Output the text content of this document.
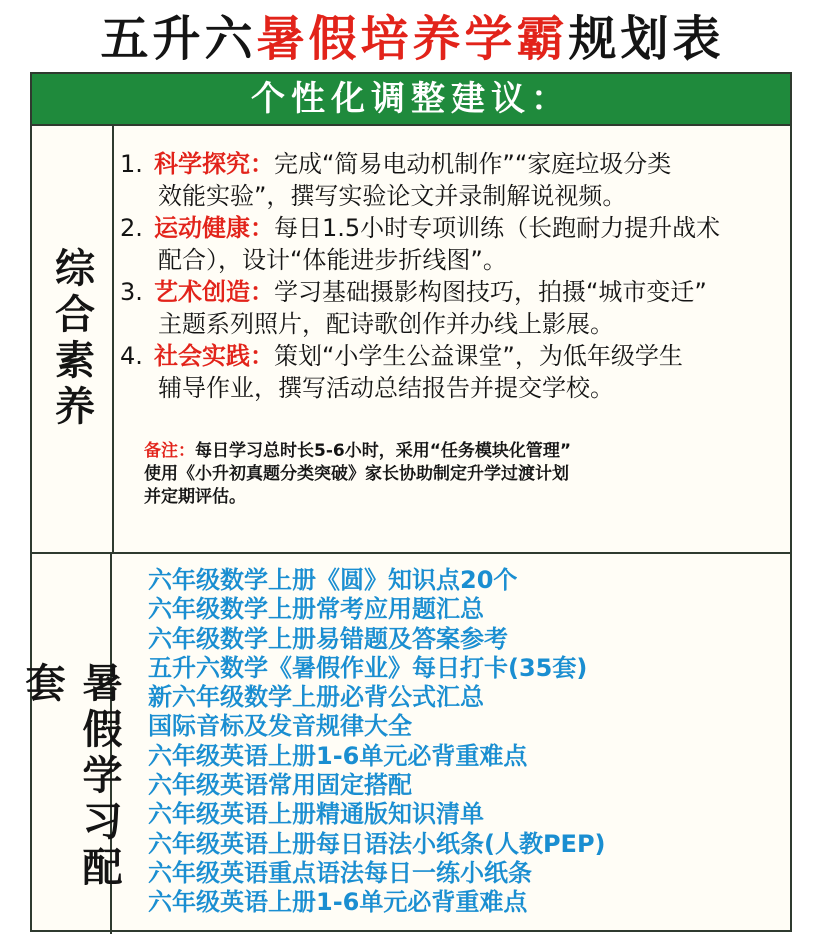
五升六暑假培养学霸规划表
个性化调整建议：
综合素养
1. 科学探究：完成“简易电动机制作”“家庭垃圾分类
效能实验”，撰写实验论文并录制解说视频。
2. 运动健康：每日1.5小时专项训练（长跑耐力提升战术
配合），设计“体能进步折线图”。
3. 艺术创造：学习基础摄影构图技巧，拍摄“城市变迁”
主题系列照片，配诗歌创作并办线上影展。
4. 社会实践：策划“小学生公益课堂”，为低年级学生
辅导作业，撰写活动总结报告并提交学校。
备注：每日学习总时长5-6小时，采用“任务模块化管理”
使用《小升初真题分类突破》家长协助制定升学过渡计划
并定期评估。
暑假学习配套
六年级数学上册《圆》知识点20个
六年级数学上册常考应用题汇总
六年级数学上册易错题及答案参考
五升六数学《暑假作业》每日打卡(35套)
新六年级数学上册必背公式汇总
国际音标及发音规律大全
六年级英语上册1-6单元必背重难点
六年级英语常用固定搭配
六年级英语上册精通版知识清单
六年级英语上册每日语法小纸条(人教PEP)
六年级英语重点语法每日一练小纸条
六年级英语上册1-6单元必背重难点
